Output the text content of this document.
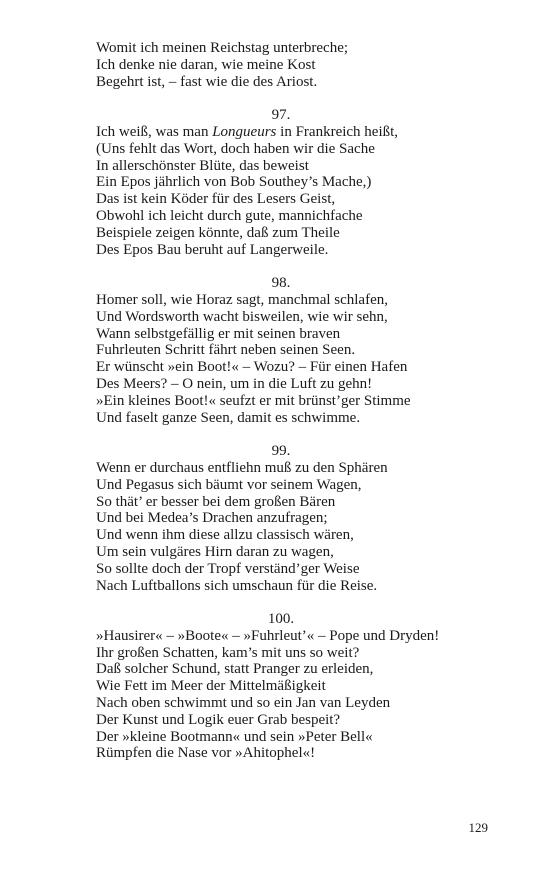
Womit ich meinen Reichstag unterbreche;
Ich denke nie daran, wie meine Kost
Begehrt ist, – fast wie die des Ariost.
97.
Ich weiß, was man Longueurs in Frankreich heißt,
(Uns fehlt das Wort, doch haben wir die Sache
In allerschönster Blüte, das beweist
Ein Epos jährlich von Bob Southey’s Mache,)
Das ist kein Köder für des Lesers Geist,
Obwohl ich leicht durch gute, mannichfache
Beispiele zeigen könnte, daß zum Theile
Des Epos Bau beruht auf Langerweile.
98.
Homer soll, wie Horaz sagt, manchmal schlafen,
Und Wordsworth wacht bisweilen, wie wir sehn,
Wann selbstgefällig er mit seinen braven
Fuhrleuten Schritt fährt neben seinen Seen.
Er wünscht »ein Boot!« – Wozu? – Für einen Hafen
Des Meers? – O nein, um in die Luft zu gehn!
»Ein kleines Boot!« seufzt er mit brünst’ger Stimme
Und faselt ganze Seen, damit es schwimme.
99.
Wenn er durchaus entfliehn muß zu den Sphären
Und Pegasus sich bäumt vor seinem Wagen,
So thät’ er besser bei dem großen Bären
Und bei Medea’s Drachen anzufragen;
Und wenn ihm diese allzu classisch wären,
Um sein vulgäres Hirn daran zu wagen,
So sollte doch der Tropf verständ’ger Weise
Nach Luftballons sich umschaun für die Reise.
100.
»Hausirer« – »Boote« – »Fuhrleut’« – Pope und Dryden!
Ihr großen Schatten, kam’s mit uns so weit?
Daß solcher Schund, statt Pranger zu erleiden,
Wie Fett im Meer der Mittelmäßigkeit
Nach oben schwimmt und so ein Jan van Leyden
Der Kunst und Logik euer Grab bespeit?
Der »kleine Bootmann« und sein »Peter Bell«
Rümpfen die Nase vor »Ahitophel«!
129
